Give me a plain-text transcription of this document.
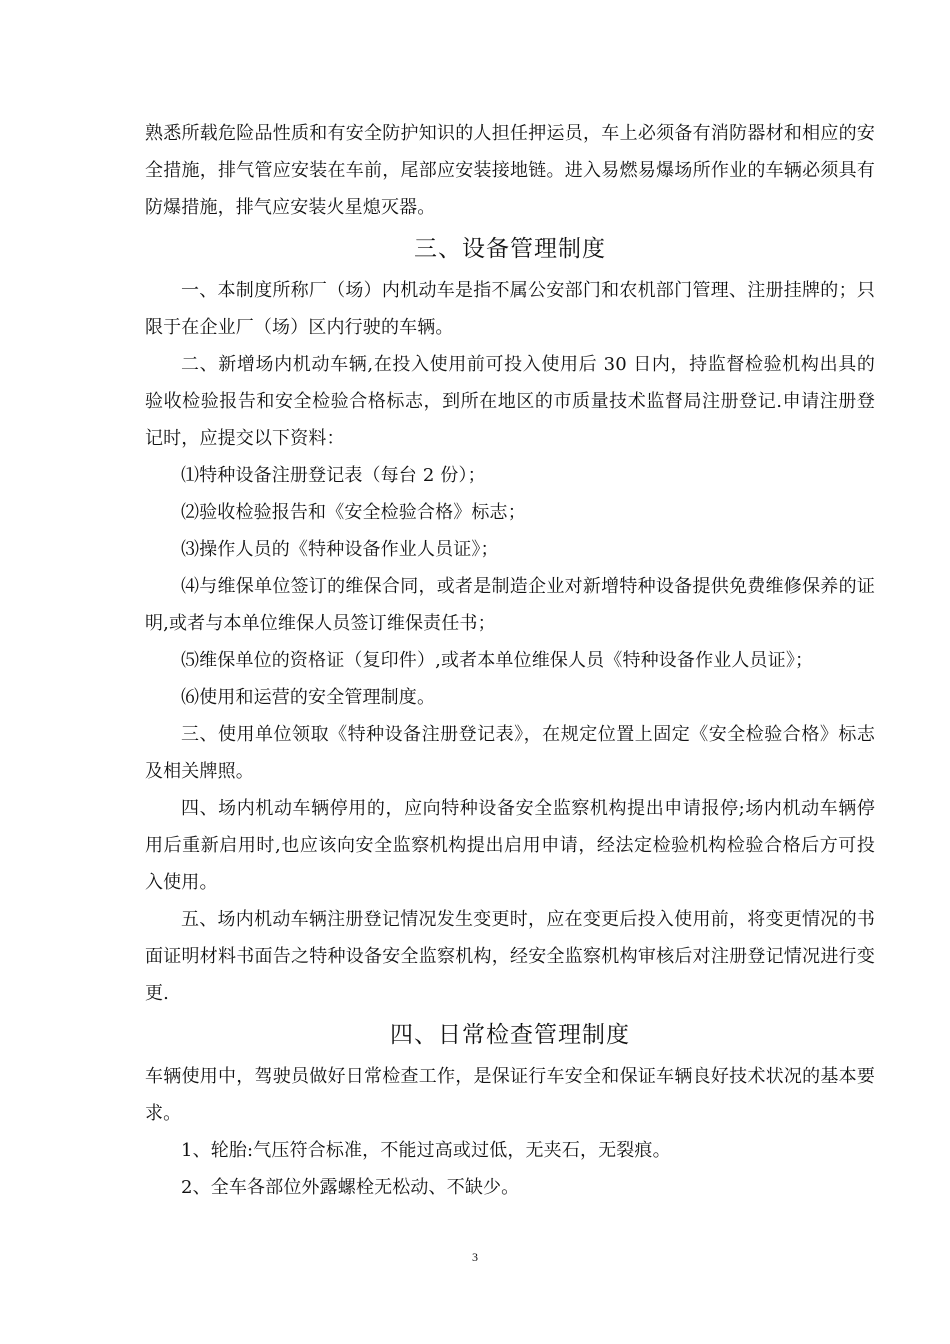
熟悉所载危险品性质和有安全防护知识的人担任押运员，车上必须备有消防器材和相应的安全措施，排气管应安装在车前，尾部应安装接地链。进入易燃易爆场所作业的车辆必须具有防爆措施，排气应安装火星熄灭器。

三、设备管理制度

一、本制度所称厂（场）内机动车是指不属公安部门和农机部门管理、注册挂牌的；只限于在企业厂（场）区内行驶的车辆。

二、新增场内机动车辆,在投入使用前可投入使用后 30 日内，持监督检验机构出具的验收检验报告和安全检验合格标志，到所在地区的市质量技术监督局注册登记.申请注册登记时，应提交以下资料：

⑴特种设备注册登记表（每台 2 份）；

⑵验收检验报告和《安全检验合格》标志；

⑶操作人员的《特种设备作业人员证》；

⑷与维保单位签订的维保合同，或者是制造企业对新增特种设备提供免费维修保养的证明,或者与本单位维保人员签订维保责任书；

⑸维保单位的资格证（复印件）,或者本单位维保人员《特种设备作业人员证》；

⑹使用和运营的安全管理制度。

三、使用单位领取《特种设备注册登记表》，在规定位置上固定《安全检验合格》标志及相关牌照。

四、场内机动车辆停用的，应向特种设备安全监察机构提出申请报停;场内机动车辆停用后重新启用时,也应该向安全监察机构提出启用申请，经法定检验机构检验合格后方可投入使用。

五、场内机动车辆注册登记情况发生变更时，应在变更后投入使用前，将变更情况的书面证明材料书面告之特种设备安全监察机构，经安全监察机构审核后对注册登记情况进行变更.

四、日常检查管理制度

车辆使用中，驾驶员做好日常检查工作，是保证行车安全和保证车辆良好技术状况的基本要求。

1、轮胎:气压符合标准，不能过高或过低，无夹石，无裂痕。

2、全车各部位外露螺栓无松动、不缺少。

3
